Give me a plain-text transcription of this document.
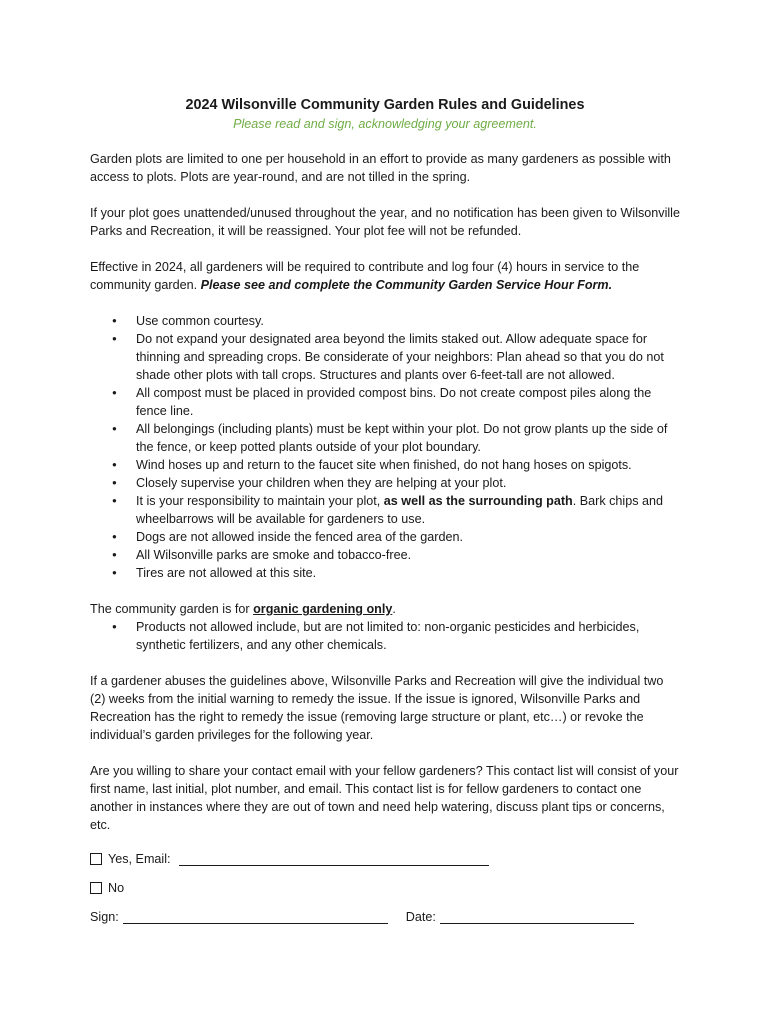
2024 Wilsonville Community Garden Rules and Guidelines
Please read and sign, acknowledging your agreement.

Garden plots are limited to one per household in an effort to provide as many gardeners as possible with access to plots. Plots are year-round, and are not tilled in the spring.

If your plot goes unattended/unused throughout the year, and no notification has been given to Wilsonville Parks and Recreation, it will be reassigned. Your plot fee will not be refunded.

Effective in 2024, all gardeners will be required to contribute and log four (4) hours in service to the community garden. Please see and complete the Community Garden Service Hour Form.

● Use common courtesy.
● Do not expand your designated area beyond the limits staked out. Allow adequate space for thinning and spreading crops. Be considerate of your neighbors: Plan ahead so that you do not shade other plots with tall crops. Structures and plants over 6-feet-tall are not allowed.
● All compost must be placed in provided compost bins. Do not create compost piles along the fence line.
● All belongings (including plants) must be kept within your plot. Do not grow plants up the side of the fence, or keep potted plants outside of your plot boundary.
● Wind hoses up and return to the faucet site when finished, do not hang hoses on spigots.
● Closely supervise your children when they are helping at your plot.
● It is your responsibility to maintain your plot, as well as the surrounding path. Bark chips and wheelbarrows will be available for gardeners to use.
● Dogs are not allowed inside the fenced area of the garden.
● All Wilsonville parks are smoke and tobacco-free.
● Tires are not allowed at this site.
The community garden is for organic gardening only.
● Products not allowed include, but are not limited to: non-organic pesticides and herbicides, synthetic fertilizers, and any other chemicals.

If a gardener abuses the guidelines above, Wilsonville Parks and Recreation will give the individual two (2) weeks from the initial warning to remedy the issue. If the issue is ignored, Wilsonville Parks and Recreation has the right to remedy the issue (removing large structure or plant, etc…) or revoke the individual’s garden privileges for the following year.

Are you willing to share your contact email with your fellow gardeners? This contact list will consist of your first name, last initial, plot number, and email. This contact list is for fellow gardeners to contact one another in instances where they are out of town and need help watering, discuss plant tips or concerns, etc.

Yes, Email:
No
Sign:	Date:
